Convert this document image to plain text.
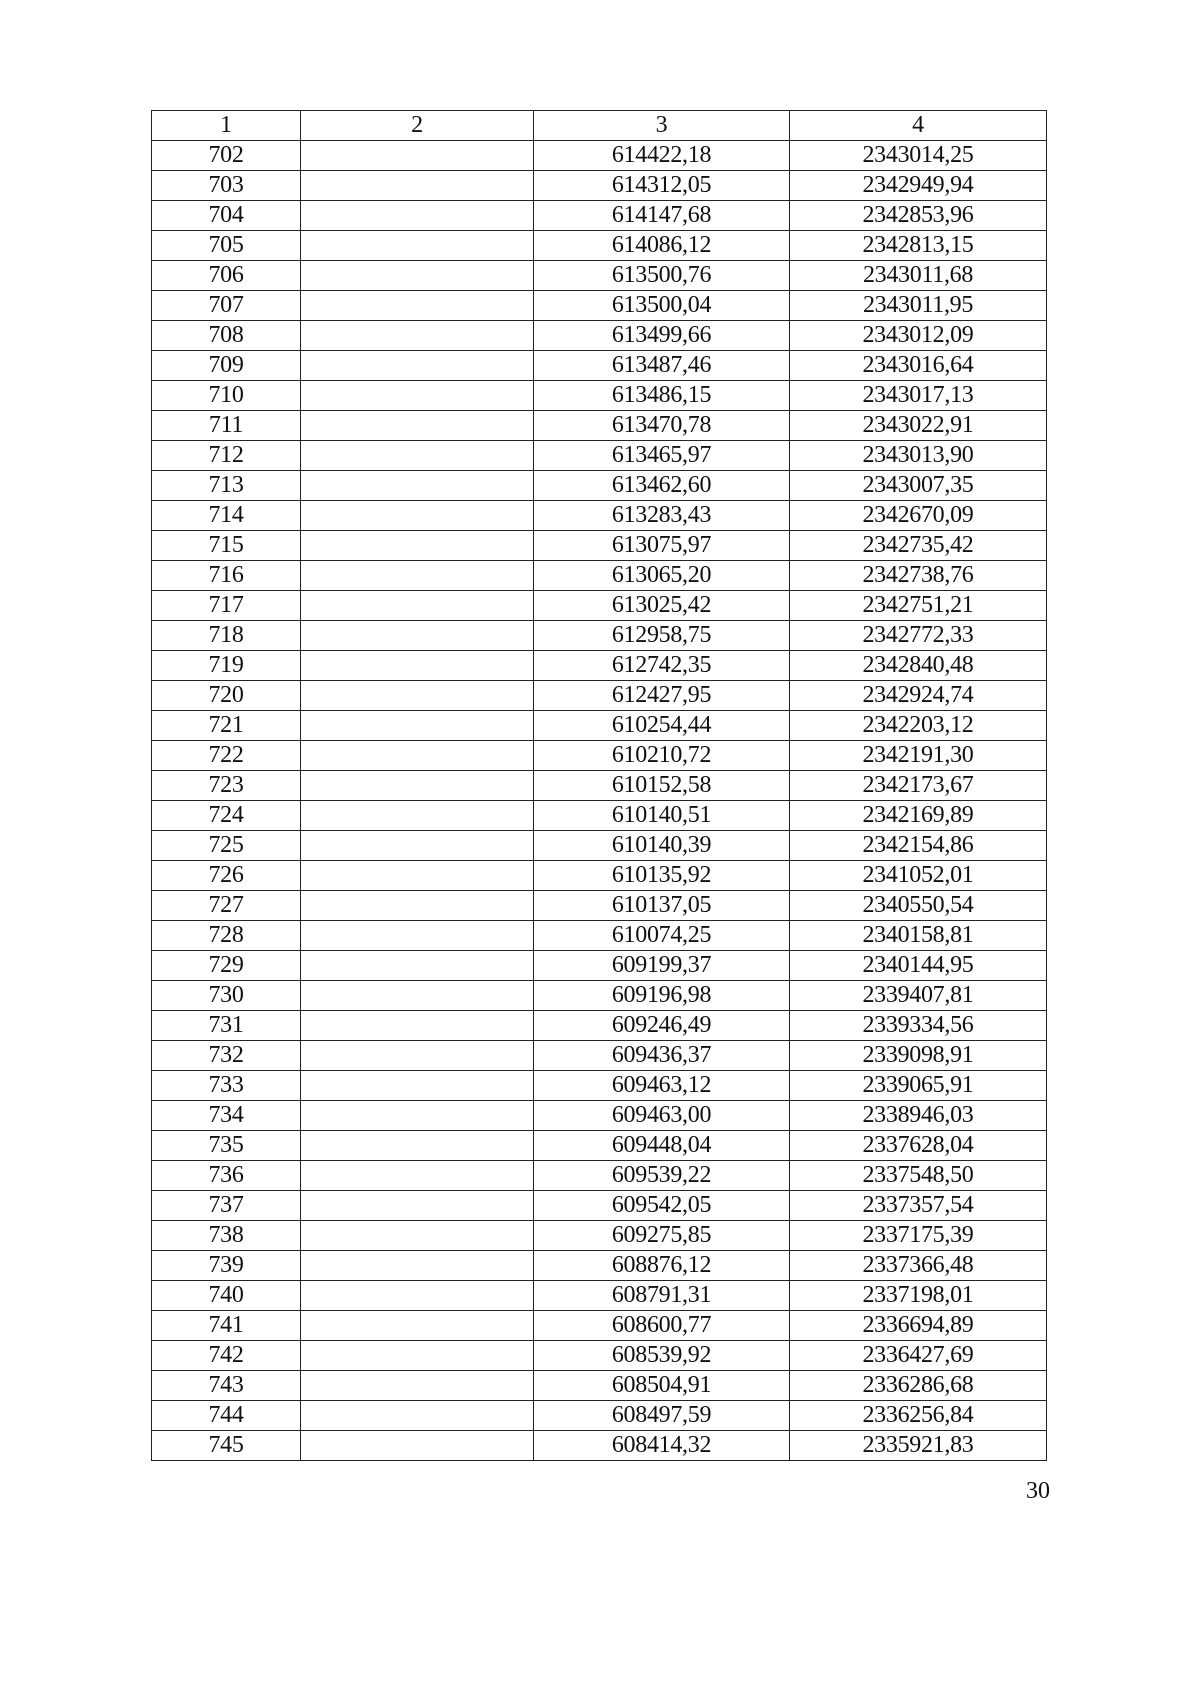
1	2	3	4
702		614422,18	2343014,25
703		614312,05	2342949,94
704		614147,68	2342853,96
705		614086,12	2342813,15
706		613500,76	2343011,68
707		613500,04	2343011,95
708		613499,66	2343012,09
709		613487,46	2343016,64
710		613486,15	2343017,13
711		613470,78	2343022,91
712		613465,97	2343013,90
713		613462,60	2343007,35
714		613283,43	2342670,09
715		613075,97	2342735,42
716		613065,20	2342738,76
717		613025,42	2342751,21
718		612958,75	2342772,33
719		612742,35	2342840,48
720		612427,95	2342924,74
721		610254,44	2342203,12
722		610210,72	2342191,30
723		610152,58	2342173,67
724		610140,51	2342169,89
725		610140,39	2342154,86
726		610135,92	2341052,01
727		610137,05	2340550,54
728		610074,25	2340158,81
729		609199,37	2340144,95
730		609196,98	2339407,81
731		609246,49	2339334,56
732		609436,37	2339098,91
733		609463,12	2339065,91
734		609463,00	2338946,03
735		609448,04	2337628,04
736		609539,22	2337548,50
737		609542,05	2337357,54
738		609275,85	2337175,39
739		608876,12	2337366,48
740		608791,31	2337198,01
741		608600,77	2336694,89
742		608539,92	2336427,69
743		608504,91	2336286,68
744		608497,59	2336256,84
745		608414,32	2335921,83
30
